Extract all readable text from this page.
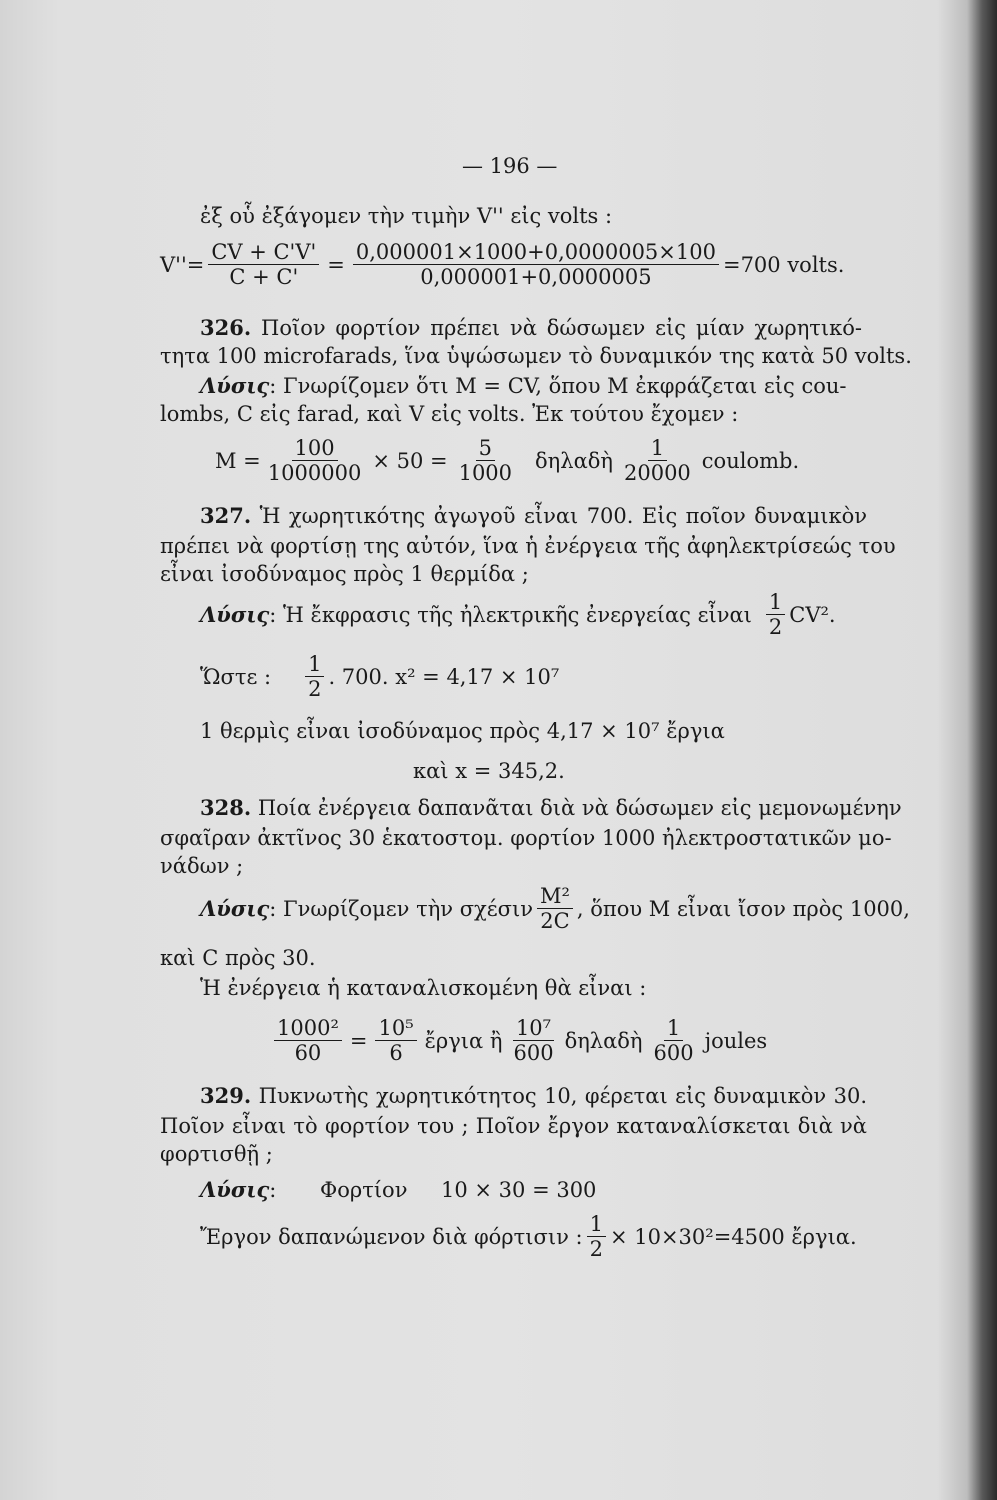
— 196 —
ἐξ οὗ ἐξάγομεν τὴν τιμὴν V'' εἰς volts :
$V''= \frac{CV + C'V'}{C + C'} = \frac{0,000001\times 1000+0,0000005\times 100}{0,000001+0,0000005} =700$ volts.
326. Ποῖον φορτίον πρέπει νὰ δώσωμεν εἰς μίαν χωρητικό-
τητα 100 microfarads, ἵνα ὑψώσωμεν τὸ δυναμικόν της κατὰ 50 volts.
Λύσις: Γνωρίζομεν ὅτι M = CV, ὅπου M ἐκφράζεται εἰς cou-
lombs, C εἰς farad, καὶ V εἰς volts. Ἐκ τούτου ἔχομεν :
$M = \frac{100}{1000000} \times 50 = \frac{5}{1000}$ δηλαδὴ $\frac{1}{20000}$ coulomb.
327. Ἡ χωρητικότης ἀγωγοῦ εἶναι 700. Εἰς ποῖον δυναμικὸν
πρέπει νὰ φορτίσῃ της αὐτόν, ἵνα ἡ ἐνέργεια τῆς ἀφηλεκτρίσεώς του
εἶναι ἰσοδύναμος πρὸς 1 θερμίδα ;
Λύσις : Ἡ ἔκφρασις τῆς ἠλεκτρικῆς ἐνεργείας εἶναι $\frac{1}{2} CV^2$.
Ὥστε : $\frac{1}{2}$ . 700. x² = 4,17 × 10⁷
1 θερμὶς εἶναι ἰσοδύναμος πρὸς 4,17 × 10⁷ ἔργια
καὶ x = 345,2.
328. Ποία ἐνέργεια δαπανᾶται διὰ νὰ δώσωμεν εἰς μεμονωμένην
σφαῖραν ἀκτῖνος 30 ἑκατοστομ. φορτίον 1000 ἠλεκτροστατικῶν μο-
νάδων ;
Λύσις : Γνωρίζομεν τὴν σχέσιν $\frac{\text{M²}}{2C}$ , ὅπου M εἶναι ἴσον πρὸς 1000,
καὶ C πρὸς 30.
Ἡ ἐνέργεια ἡ καταναλισκομένη θὰ εἶναι :
$\frac{\text{1000²}}{60} = \frac{\text{10⁵}}{6}$ ἔργια ἢ $\frac{\text{10⁷}}{600}$ δηλαδὴ $\frac{1}{600}$ joules
329. Πυκνωτὴς χωρητικότητος 10, φέρεται εἰς δυναμικὸν 30.
Ποῖον εἶναι τὸ φορτίον του ; Ποῖον ἔργον καταναλίσκεται διὰ νὰ
φορτισθῇ ;
Λύσις: Φορτίον 10 × 30 = 300
Ἔργον δαπανώμενον διὰ φόρτισιν : $\frac{1}{2} \times 10\times 30^2=4500$ ἔργια.
